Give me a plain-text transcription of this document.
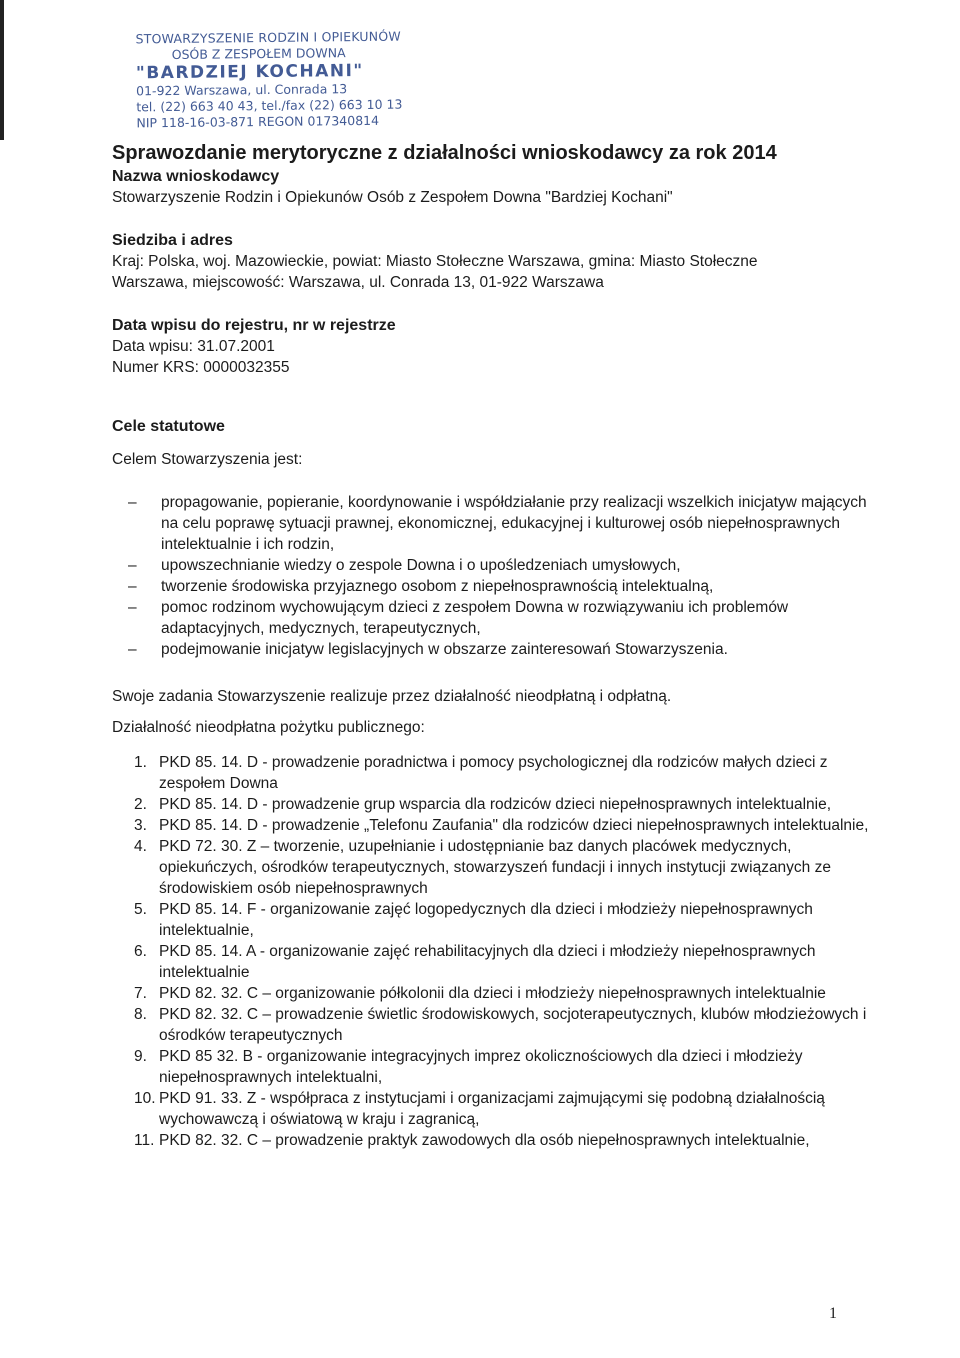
STOWARZYSZENIE RODZIN I OPIEKUNÓW
OSÓB Z ZESPOŁEM DOWNA
"BARDZIEJ KOCHANI"
01-922 Warszawa, ul. Conrada 13
tel. (22) 663 40 43, tel./fax (22) 663 10 13
NIP 118-16-03-871 REGON 017340814

Sprawozdanie merytoryczne z działalności wnioskodawcy za rok 2014

Nazwa wnioskodawcy

Stowarzyszenie Rodzin i Opiekunów Osób z Zespołem Downa "Bardziej Kochani"

Siedziba i adres

Kraj: Polska, woj. Mazowieckie, powiat: Miasto Stołeczne Warszawa, gmina: Miasto Stołeczne

Warszawa, miejscowość: Warszawa, ul. Conrada 13, 01-922 Warszawa

Data wpisu do rejestru, nr w rejestrze

Data wpisu: 31.07.2001

Numer KRS: 0000032355

Cele statutowe

Celem Stowarzyszenia jest:

– propagowanie, popieranie, koordynowanie i współdziałanie przy realizacji wszelkich inicjatyw mających na celu poprawę sytuacji prawnej, ekonomicznej, edukacyjnej i kulturowej osób niepełnosprawnych intelektualnie i ich rodzin,
– upowszechnianie wiedzy o zespole Downa i o upośledzeniach umysłowych,
– tworzenie środowiska przyjaznego osobom z niepełnosprawnością intelektualną,
– pomoc rodzinom wychowującym dzieci z zespołem Downa w rozwiązywaniu ich problemów adaptacyjnych, medycznych, terapeutycznych,
– podejmowanie inicjatyw legislacyjnych w obszarze zainteresowań Stowarzyszenia.

Swoje zadania Stowarzyszenie realizuje przez działalność nieodpłatną i odpłatną.

Działalność nieodpłatna pożytku publicznego:

1. PKD 85. 14. D - prowadzenie poradnictwa i pomocy psychologicznej dla rodziców małych dzieci z zespołem Downa
2. PKD 85. 14. D - prowadzenie grup wsparcia dla rodziców dzieci niepełnosprawnych intelektualnie,
3. PKD 85. 14. D - prowadzenie „Telefonu Zaufania" dla rodziców dzieci niepełnosprawnych intelektualnie,
4. PKD 72. 30. Z – tworzenie, uzupełnianie i udostępnianie baz danych placówek medycznych, opiekuńczych, ośrodków terapeutycznych, stowarzyszeń fundacji i innych instytucji związanych ze środowiskiem osób niepełnosprawnych
5. PKD 85. 14. F - organizowanie zajęć logopedycznych dla dzieci i młodzieży niepełnosprawnych intelektualnie,
6. PKD 85. 14. A - organizowanie zajęć rehabilitacyjnych dla dzieci i młodzieży niepełnosprawnych intelektualnie
7. PKD 82. 32. C – organizowanie półkolonii dla dzieci i młodzieży niepełnosprawnych intelektualnie
8. PKD 82. 32. C – prowadzenie świetlic środowiskowych, socjoterapeutycznych, klubów młodzieżowych i ośrodków terapeutycznych
9. PKD 85 32. B - organizowanie integracyjnych imprez okolicznościowych dla dzieci i młodzieży niepełnosprawnych intelektualni,
10. PKD 91. 33. Z - współpraca z instytucjami i organizacjami zajmującymi się podobną działalnością wychowawczą i oświatową w kraju i zagranicą,
11. PKD 82. 32. C – prowadzenie praktyk zawodowych dla osób niepełnosprawnych intelektualnie,
1
